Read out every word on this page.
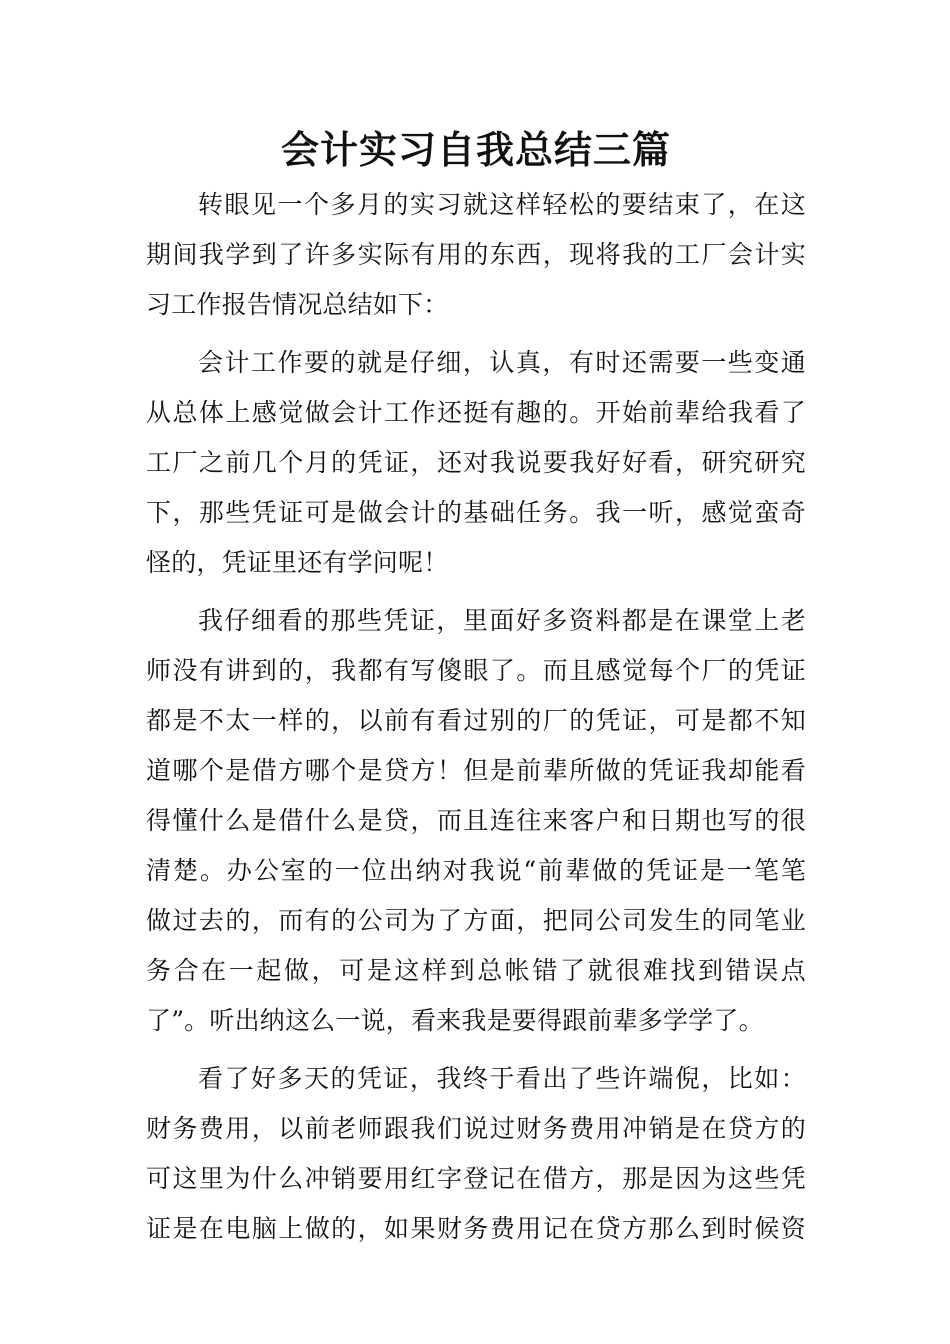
会计实习自我总结三篇

转眼见一个多月的实习就这样轻松的要结束了，在这
期间我学到了许多实际有用的东西，现将我的工厂会计实
习工作报告情况总结如下：

会计工作要的就是仔细，认真，有时还需要一些变通
从总体上感觉做会计工作还挺有趣的。开始前辈给我看了
工厂之前几个月的凭证，还对我说要我好好看，研究研究
下，那些凭证可是做会计的基础任务。我一听，感觉蛮奇
怪的，凭证里还有学问呢！

我仔细看的那些凭证，里面好多资料都是在课堂上老
师没有讲到的，我都有写傻眼了。而且感觉每个厂的凭证
都是不太一样的，以前有看过别的厂的凭证，可是都不知
道哪个是借方哪个是贷方！但是前辈所做的凭证我却能看
得懂什么是借什么是贷，而且连往来客户和日期也写的很
清楚。办公室的一位出纳对我说“前辈做的凭证是一笔笔
做过去的，而有的公司为了方面，把同公司发生的同笔业
务合在一起做，可是这样到总帐错了就很难找到错误点
了”。听出纳这么一说，看来我是要得跟前辈多学学了。

看了好多天的凭证，我终于看出了些许端倪，比如：
财务费用，以前老师跟我们说过财务费用冲销是在贷方的
可这里为什么冲销要用红字登记在借方，那是因为这些凭
证是在电脑上做的，如果财务费用记在贷方那么到时候资
